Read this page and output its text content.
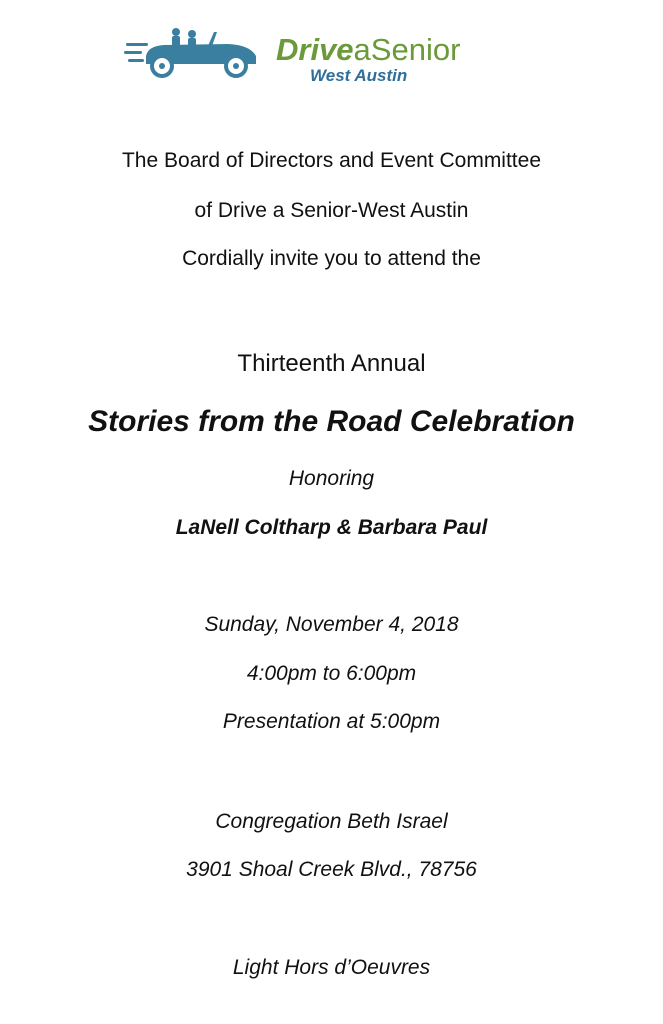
DriveaSenior
West Austin
The Board of Directors and Event Committee
of Drive a Senior-West Austin
Cordially invite you to attend the
Thirteenth Annual
Stories from the Road Celebration
Honoring
LaNell Coltharp & Barbara Paul
Sunday, November 4, 2018
4:00pm to 6:00pm
Presentation at 5:00pm
Congregation Beth Israel
3901 Shoal Creek Blvd., 78756
Light Hors d’Oeuvres
